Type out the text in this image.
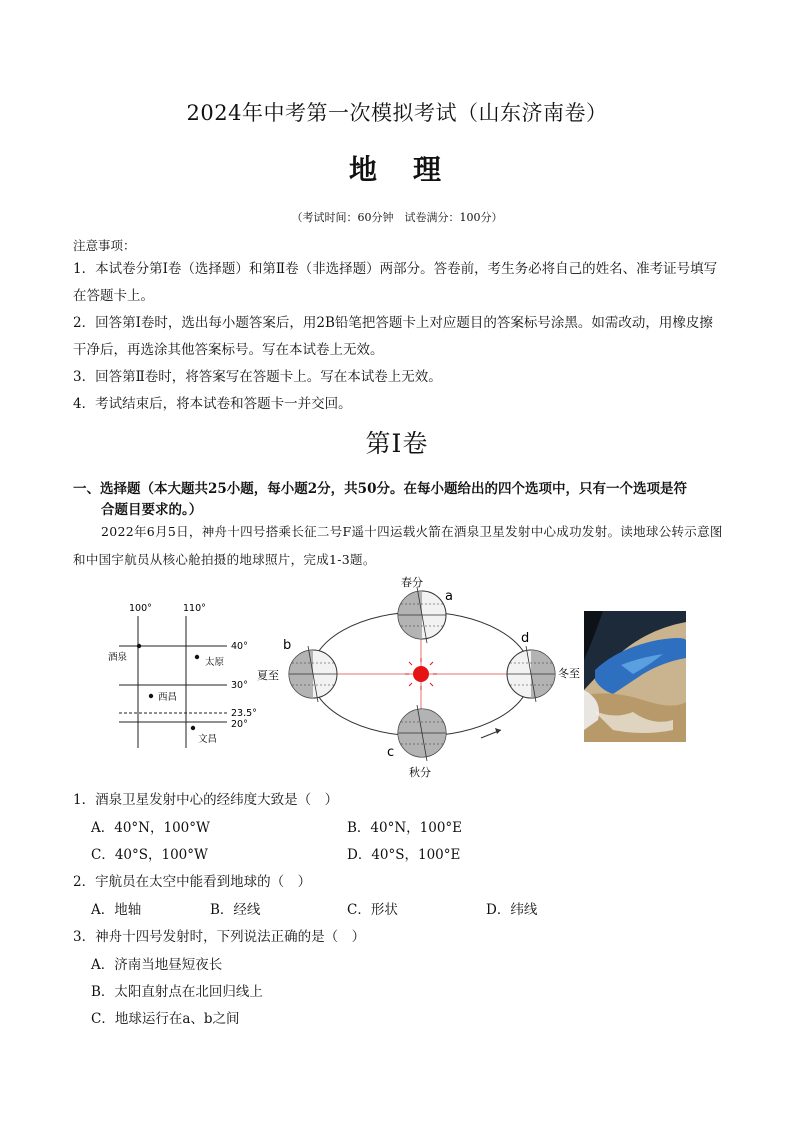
2024年中考第一次模拟考试（山东济南卷）
地　理
（考试时间：60分钟　试卷满分：100分）
注意事项：
1．本试卷分第Ⅰ卷（选择题）和第Ⅱ卷（非选择题）两部分。答卷前，考生务必将自己的姓名、准考证号填写在答题卡上。
2．回答第Ⅰ卷时，选出每小题答案后，用2B铅笔把答题卡上对应题目的答案标号涂黑。如需改动，用橡皮擦干净后，再选涂其他答案标号。写在本试卷上无效。
3．回答第Ⅱ卷时，将答案写在答题卡上。写在本试卷上无效。
4．考试结束后，将本试卷和答题卡一并交回。
第Ⅰ卷
一、选择题（本大题共25小题，每小题2分，共50分。在每小题给出的四个选项中，只有一个选项是符
合题目要求的。）
2022年6月5日，神舟十四号搭乘长征二号F遥十四运载火箭在酒泉卫星发射中心成功发射。读地球公转示意图和中国宇航员从核心舱拍摄的地球照片，完成1-3题。
100°	110°
40°
30°
23.5°
20°
酒泉	太原
西昌
文昌
春分
a
夏至
b
秋分
c
冬至
d
1．酒泉卫星发射中心的经纬度大致是（　）
A．40°N，100°W	B．40°N，100°E
C．40°S，100°W	D．40°S，100°E
2．宇航员在太空中能看到地球的（　）
A．地轴	B．经线	C．形状	D．纬线
3．神舟十四号发射时，下列说法正确的是（　）
A．济南当地昼短夜长
B．太阳直射点在北回归线上
C．地球运行在a、b之间
